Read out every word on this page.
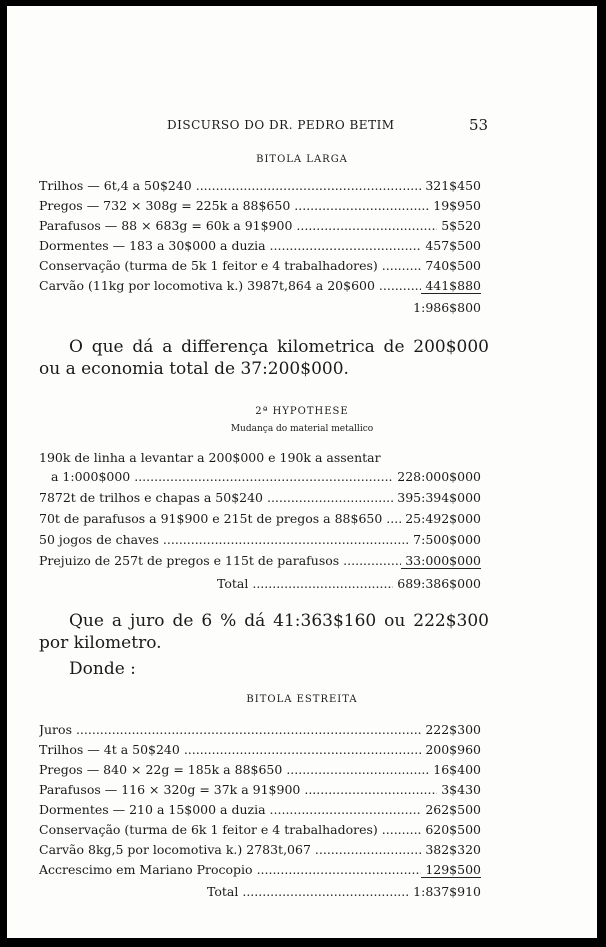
DISCURSO DO DR. PEDRO BETIM	53
BITOLA LARGA
Trilhos — 6t,4 a 50$240 .....	321$450
Pregos — 732 × 308g = 225k a 88$650 .....	19$950
Parafusos — 88 × 683g = 60k a 91$900 .....	5$520
Dormentes — 183 a 30$000 a duzia .....	457$500
Conservação (turma de 5k 1 feitor e 4 trabalhadores) .....	740$500
Carvão (11kg por locomotiva k.) 3987t,864 a 20$600 .....	441$880
1:986$800
O que dá a differença kilometrica de 200$000 ou a economia total de 37:200$000.
2ª HYPOTHESE
Mudança do material metallico
190k de linha a levantar a 200$000 e 190k a assentar
a 1:000$000 .....	228:000$000
7872t de trilhos e chapas a 50$240 .....	395:394$000
70t de parafusos a 91$900 e 215t de pregos a 88$650 .....	25:492$000
50 jogos de chaves .....	7:500$000
Prejuizo de 257t de pregos e 115t de parafusos .....	33:000$000
Total .....	689:386$000
Que a juro de 6 % dá 41:363$160 ou 222$300 por kilometro.
Donde :
BITOLA ESTREITA
Juros .....	222$300
Trilhos — 4t a 50$240 .....	200$960
Pregos — 840 × 22g = 185k a 88$650 .....	16$400
Parafusos — 116 × 320g = 37k a 91$900 .....	3$430
Dormentes — 210 a 15$000 a duzia .....	262$500
Conservação (turma de 6k 1 feitor e 4 trabalhadores) .....	620$500
Carvão 8kg,5 por locomotiva k.) 2783t,067 .....	382$320
Accrescimo em Mariano Procopio .....	129$500
Total .....	1:837$910
